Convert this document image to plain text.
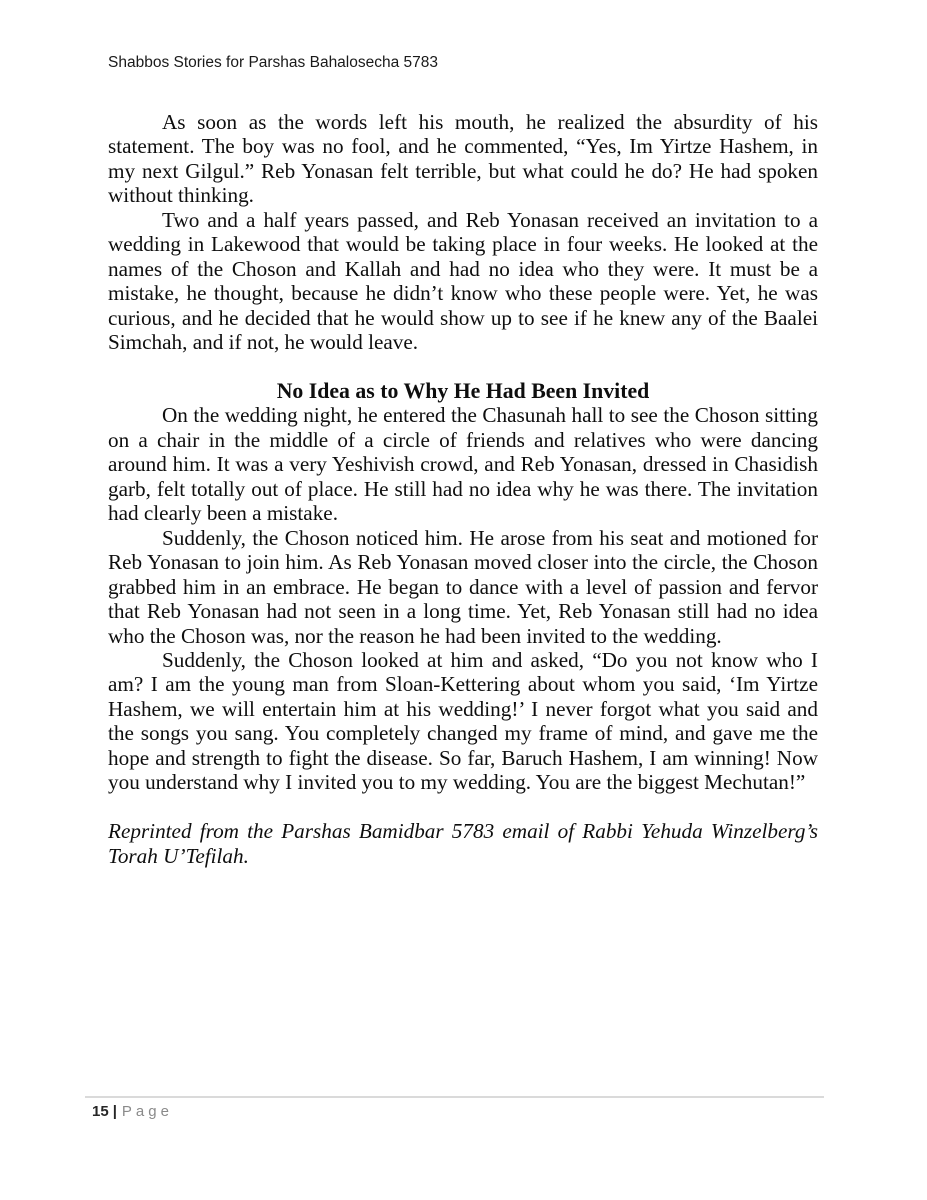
Shabbos Stories for Parshas Bahalosecha 5783

As soon as the words left his mouth, he realized the absurdity of his statement. The boy was no fool, and he commented, “Yes, Im Yirtze Hashem, in my next Gilgul.” Reb Yonasan felt terrible, but what could he do? He had spoken without thinking.

Two and a half years passed, and Reb Yonasan received an invitation to a wedding in Lakewood that would be taking place in four weeks. He looked at the names of the Choson and Kallah and had no idea who they were. It must be a mistake, he thought, because he didn’t know who these people were. Yet, he was curious, and he decided that he would show up to see if he knew any of the Baalei Simchah, and if not, he would leave.

No Idea as to Why He Had Been Invited

On the wedding night, he entered the Chasunah hall to see the Choson sitting on a chair in the middle of a circle of friends and relatives who were dancing around him. It was a very Yeshivish crowd, and Reb Yonasan, dressed in Chasidish garb, felt totally out of place. He still had no idea why he was there. The invitation had clearly been a mistake.

Suddenly, the Choson noticed him. He arose from his seat and motioned for Reb Yonasan to join him. As Reb Yonasan moved closer into the circle, the Choson grabbed him in an embrace. He began to dance with a level of passion and fervor that Reb Yonasan had not seen in a long time. Yet, Reb Yonasan still had no idea who the Choson was, nor the reason he had been invited to the wedding.

Suddenly, the Choson looked at him and asked, “Do you not know who I am? I am the young man from Sloan-Kettering about whom you said, ‘Im Yirtze Hashem, we will entertain him at his wedding!’ I never forgot what you said and the songs you sang. You completely changed my frame of mind, and gave me the hope and strength to fight the disease. So far, Baruch Hashem, I am winning! Now you understand why I invited you to my wedding. You are the biggest Mechutan!”

Reprinted from the Parshas Bamidbar 5783 email of Rabbi Yehuda Winzelberg’s Torah U’Tefilah.

15 | Page
